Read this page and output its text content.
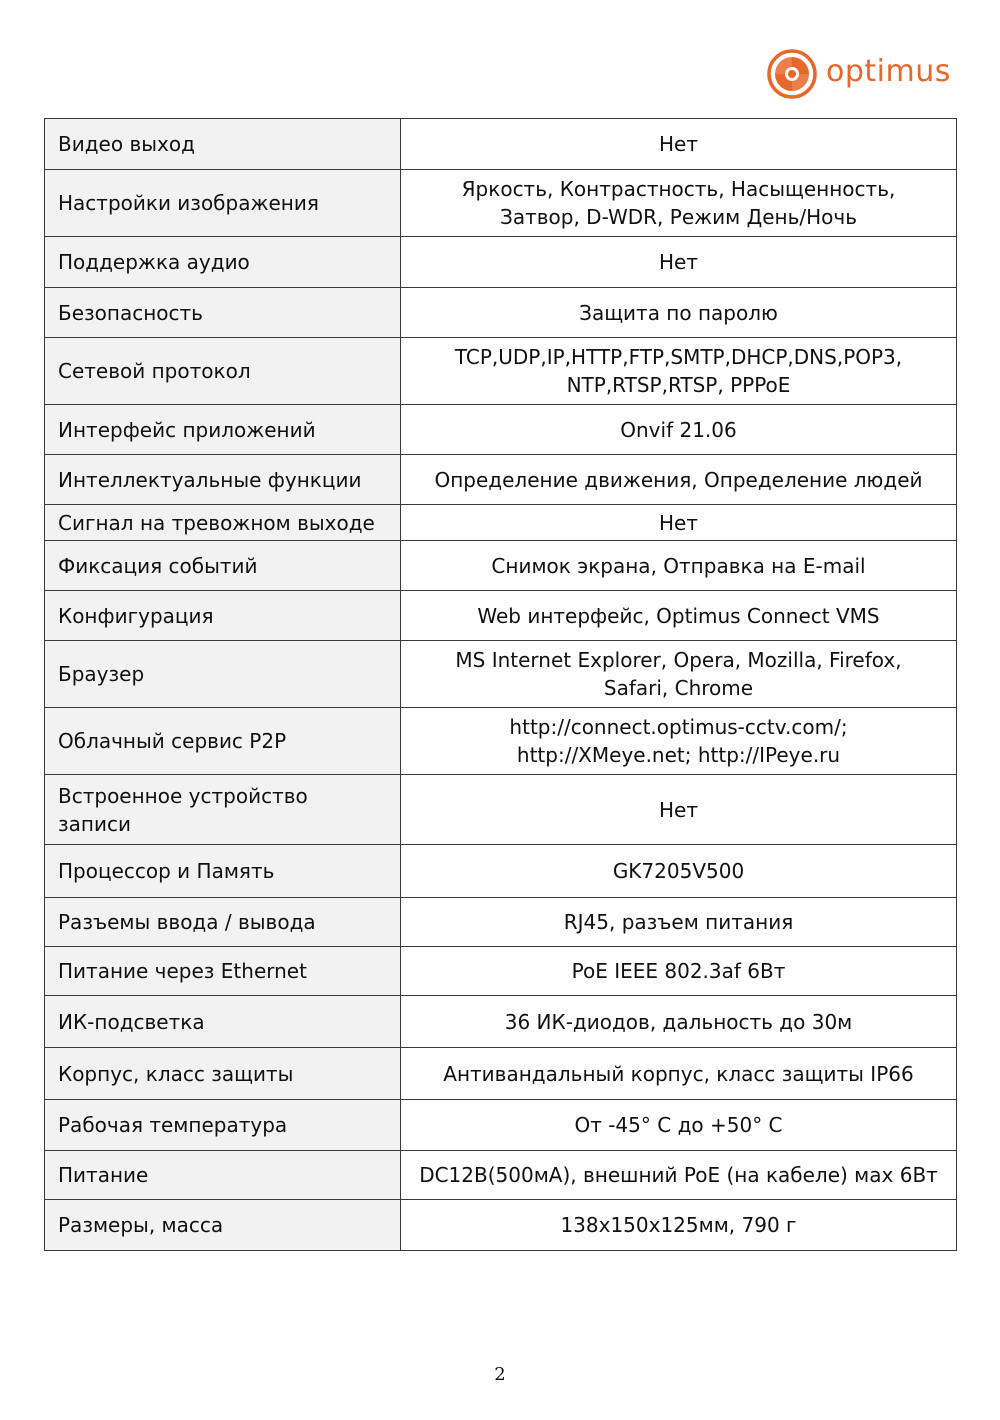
optimus
Видео выход	Нет

Настройки изображения	Яркость, Контрастность, Насыщенность,
Затвор, D-WDR, Режим День/Ночь

Поддержка аудио	Нет

Безопасность	Защита по паролю

Сетевой протокол	TCP,UDP,IP,HTTP,FTP,SMTP,DHCP,DNS,POP3,
NTP,RTSP,RTSP, PPPoE

Интерфейс приложений	Onvif 21.06

Интеллектуальные функции	Определение движения, Определение людей

Сигнал на тревожном выходе	Нет

Фиксация событий	Снимок экрана, Отправка на E-mail

Конфигурация	Web интерфейс, Optimus Connect VMS

Браузер	MS Internet Explorer, Opera, Mozilla, Firefox,
Safari, Chrome

Облачный сервис P2P	http://connect.optimus-cctv.com/;
http://XMeye.net; http://IPeye.ru

Встроенное устройство записи	Нет

Процессор и Память	GK7205V500

Разъемы ввода / вывода	RJ45, разъем питания

Питание через Ethernet	PoE IEEE 802.3af 6Вт

ИК-подсветка	36 ИК-диодов, дальность до 30м

Корпус, класс защиты	Антивандальный корпус, класс защиты IP66

Рабочая температура	От -45° С до +50° С

Питание	DC12В(500мА), внешний PoE (на кабеле) мах 6Вт

Размеры, масса	138х150х125мм, 790 г
2
